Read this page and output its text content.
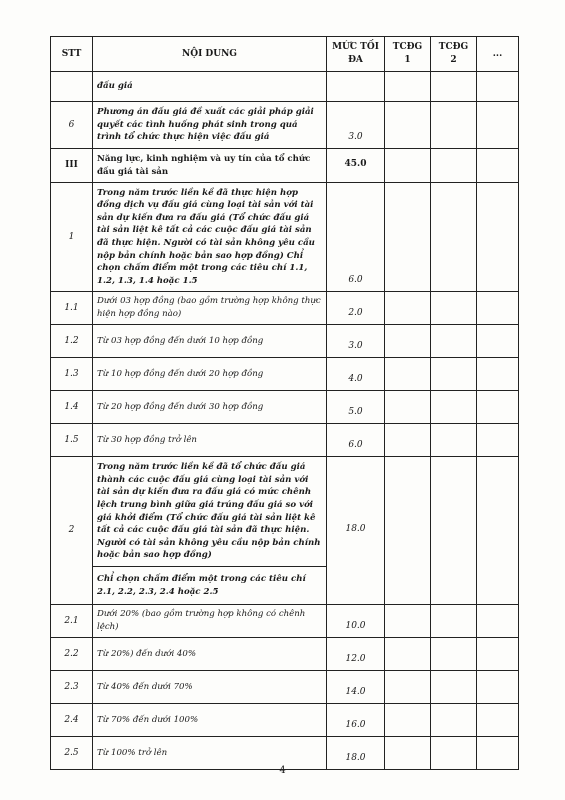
STT	NỘI DUNG	MỨC TỐI ĐA	TCĐG 1	TCĐG 2	...
	đấu giá				
6	Phương án đấu giá đề xuất các giải pháp giải quyết các tình huống phát sinh trong quá trình tổ chức thực hiện việc đấu giá	3.0			
III	Năng lực, kinh nghiệm và uy tín của tổ chức đấu giá tài sản	45.0			
1	Trong năm trước liền kề đã thực hiện hợp đồng dịch vụ đấu giá cùng loại tài sản với tài sản dự kiến đưa ra đấu giá (Tổ chức đấu giá tài sản liệt kê tất cả các cuộc đấu giá tài sản đã thực hiện. Người có tài sản không yêu cầu nộp bản chính hoặc bản sao hợp đồng) Chỉ chọn chấm điểm một trong các tiêu chí 1.1, 1.2, 1.3, 1.4 hoặc 1.5	6.0			
1.1	Dưới 03 hợp đồng (bao gồm trường hợp không thực hiện hợp đồng nào)	2.0			
1.2	Từ 03 hợp đồng đến dưới 10 hợp đồng	3.0			
1.3	Từ 10 hợp đồng đến dưới 20 hợp đồng	4.0			
1.4	Từ 20 hợp đồng đến dưới 30 hợp đồng	5.0			
1.5	Từ 30 hợp đồng trở lên	6.0			
2	Trong năm trước liền kề đã tổ chức đấu giá thành các cuộc đấu giá cùng loại tài sản với tài sản dự kiến đưa ra đấu giá có mức chênh lệch trung bình giữa giá trúng đấu giá so với giá khởi điểm (Tổ chức đấu giá tài sản liệt kê tất cả các cuộc đấu giá tài sản đã thực hiện. Người có tài sản không yêu cầu nộp bản chính hoặc bản sao hợp đồng)	18.0			
	Chỉ chọn chấm điểm một trong các tiêu chí 2.1, 2.2, 2.3, 2.4 hoặc 2.5				
2.1	Dưới 20% (bao gồm trường hợp không có chênh lệch)	10.0			
2.2	Từ 20%) đến dưới 40%	12.0			
2.3	Từ 40% đến dưới 70%	14.0			
2.4	Từ 70% đến dưới 100%	16.0			
2.5	Từ 100% trở lên	18.0			
4
